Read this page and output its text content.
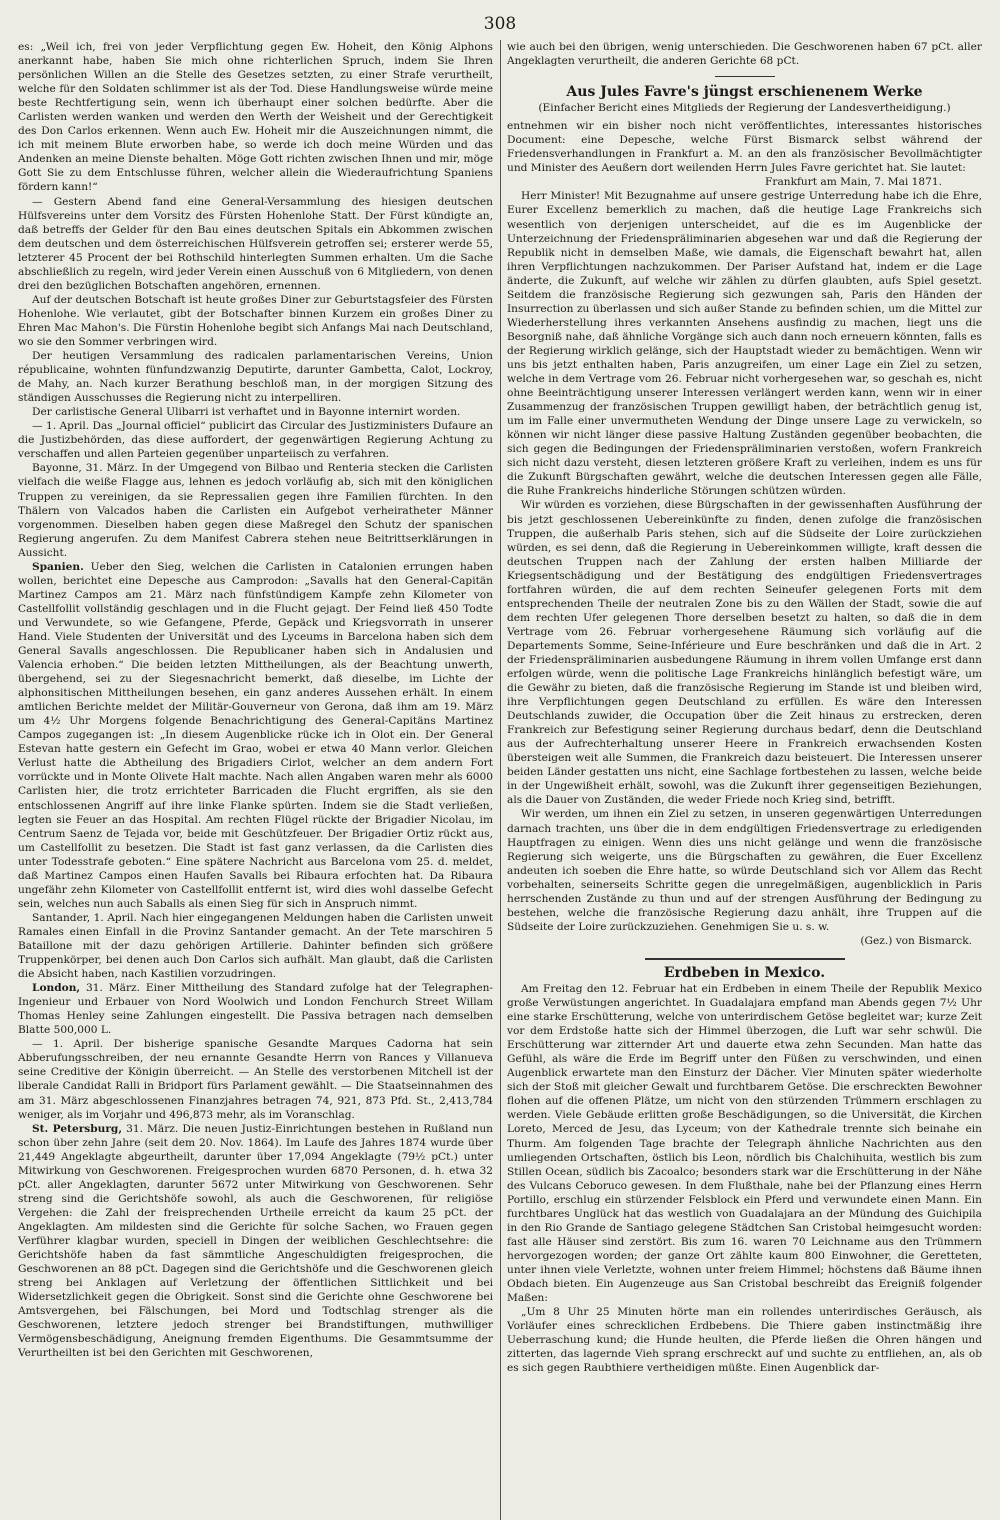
308

es: „Weil ich, frei von jeder Verpflichtung gegen Ew. Hoheit, den König Alphons anerkannt habe, haben Sie mich ohne richterlichen Spruch, indem Sie Ihren persönlichen Willen an die Stelle des Gesetzes setzten, zu einer Strafe verurtheilt, welche für den Soldaten schlimmer ist als der Tod. Diese Handlungsweise würde meine beste Rechtfertigung sein, wenn ich überhaupt einer solchen bedürfte. Aber die Carlisten werden wanken und werden den Werth der Weisheit und der Gerechtigkeit des Don Carlos erkennen. Wenn auch Ew. Hoheit mir die Auszeichnungen nimmt, die ich mit meinem Blute erworben habe, so werde ich doch meine Würden und das Andenken an meine Dienste behalten. Möge Gott richten zwischen Ihnen und mir, möge Gott Sie zu dem Entschlusse führen, welcher allein die Wiederaufrichtung Spaniens fördern kann!“

— Gestern Abend fand eine General-Versammlung des hiesigen deutschen Hülfsvereins unter dem Vorsitz des Fürsten Hohenlohe Statt. Der Fürst kündigte an, daß betreffs der Gelder für den Bau eines deutschen Spitals ein Abkommen zwischen dem deutschen und dem österreichischen Hülfsverein getroffen sei; ersterer werde 55, letzterer 45 Procent der bei Rothschild hinterlegten Summen erhalten. Um die Sache abschließlich zu regeln, wird jeder Verein einen Ausschuß von 6 Mitgliedern, von denen drei den bezüglichen Botschaften angehören, ernennen.

Auf der deutschen Botschaft ist heute großes Diner zur Geburtstagsfeier des Fürsten Hohenlohe. Wie verlautet, gibt der Botschafter binnen Kurzem ein großes Diner zu Ehren Mac Mahon's. Die Fürstin Hohenlohe begibt sich Anfangs Mai nach Deutschland, wo sie den Sommer verbringen wird.

Der heutigen Versammlung des radicalen parlamentarischen Vereins, Union républicaine, wohnten fünfundzwanzig Deputirte, darunter Gambetta, Calot, Lockroy, de Mahy, an. Nach kurzer Berathung beschloß man, in der morgigen Sitzung des ständigen Ausschusses die Regierung nicht zu interpelliren.

Der carlistische General Ulibarri ist verhaftet und in Bayonne internirt worden.

— 1. April. Das „Journal officiel“ publicirt das Circular des Justizministers Dufaure an die Justizbehörden, das diese auffordert, der gegenwärtigen Regierung Achtung zu verschaffen und allen Parteien gegenüber unparteiisch zu verfahren.

Bayonne, 31. März. In der Umgegend von Bilbao und Renteria stecken die Carlisten vielfach die weiße Flagge aus, lehnen es jedoch vorläufig ab, sich mit den königlichen Truppen zu vereinigen, da sie Repressalien gegen ihre Familien fürchten. In den Thälern von Valcados haben die Carlisten ein Aufgebot verheiratheter Männer vorgenommen. Dieselben haben gegen diese Maßregel den Schutz der spanischen Regierung angerufen. Zu dem Manifest Cabrera stehen neue Beitrittserklärungen in Aussicht.

Spanien. Ueber den Sieg, welchen die Carlisten in Catalonien errungen haben wollen, berichtet eine Depesche aus Camprodon: „Savalls hat den General-Capitän Martinez Campos am 21. März nach fünfstündigem Kampfe zehn Kilometer von Castellfollit vollständig geschlagen und in die Flucht gejagt. Der Feind ließ 450 Todte und Verwundete, so wie Gefangene, Pferde, Gepäck und Kriegsvorrath in unserer Hand. Viele Studenten der Universität und des Lyceums in Barcelona haben sich dem General Savalls angeschlossen. Die Republicaner haben sich in Andalusien und Valencia erhoben.“ Die beiden letzten Mittheilungen, als der Beachtung unwerth, übergehend, sei zu der Siegesnachricht bemerkt, daß dieselbe, im Lichte der alphonsitischen Mittheilungen besehen, ein ganz anderes Aussehen erhält. In einem amtlichen Berichte meldet der Militär-Gouverneur von Gerona, daß ihm am 19. März um 4½ Uhr Morgens folgende Benachrichtigung des General-Capitäns Martinez Campos zugegangen ist: „In diesem Augenblicke rücke ich in Olot ein. Der General Estevan hatte gestern ein Gefecht im Grao, wobei er etwa 40 Mann verlor. Gleichen Verlust hatte die Abtheilung des Brigadiers Cirlot, welcher an dem andern Fort vorrückte und in Monte Olivete Halt machte. Nach allen Angaben waren mehr als 6000 Carlisten hier, die trotz errichteter Barricaden die Flucht ergriffen, als sie den entschlossenen Angriff auf ihre linke Flanke spürten. Indem sie die Stadt verließen, legten sie Feuer an das Hospital. Am rechten Flügel rückte der Brigadier Nicolau, im Centrum Saenz de Tejada vor, beide mit Geschützfeuer. Der Brigadier Ortiz rückt aus, um Castellfollit zu besetzen. Die Stadt ist fast ganz verlassen, da die Carlisten dies unter Todesstrafe geboten.“ Eine spätere Nachricht aus Barcelona vom 25. d. meldet, daß Martinez Campos einen Haufen Savalls bei Ribaura erfochten hat. Da Ribaura ungefähr zehn Kilometer von Castellfollit entfernt ist, wird dies wohl dasselbe Gefecht sein, welches nun auch Saballs als einen Sieg für sich in Anspruch nimmt.

Santander, 1. April. Nach hier eingegangenen Meldungen haben die Carlisten unweit Ramales einen Einfall in die Provinz Santander gemacht. An der Tete marschiren 5 Bataillone mit der dazu gehörigen Artillerie. Dahinter befinden sich größere Truppenkörper, bei denen auch Don Carlos sich aufhält. Man glaubt, daß die Carlisten die Absicht haben, nach Kastilien vorzudringen.

London, 31. März. Einer Mittheilung des Standard zufolge hat der Telegraphen-Ingenieur und Erbauer von Nord Woolwich und London Fenchurch Street Willam Thomas Henley seine Zahlungen eingestellt. Die Passiva betragen nach demselben Blatte 500,000 L.

— 1. April. Der bisherige spanische Gesandte Marques Cadorna hat sein Abberufungsschreiben, der neu ernannte Gesandte Herrn von Rances y Villanueva seine Creditive der Königin überreicht. — An Stelle des verstorbenen Mitchell ist der liberale Candidat Ralli in Bridport fürs Parlament gewählt. — Die Staatseinnahmen des am 31. März abgeschlossenen Finanzjahres betragen 74, 921, 873 Pfd. St., 2,413,784 weniger, als im Vorjahr und 496,873 mehr, als im Voranschlag.

St. Petersburg, 31. März. Die neuen Justiz-Einrichtungen bestehen in Rußland nun schon über zehn Jahre (seit dem 20. Nov. 1864). Im Laufe des Jahres 1874 wurde über 21,449 Angeklagte abgeurtheilt, darunter über 17,094 Angeklagte (79½ pCt.) unter Mitwirkung von Geschworenen. Freigesprochen wurden 6870 Personen, d. h. etwa 32 pCt. aller Angeklagten, darunter 5672 unter Mitwirkung von Geschworenen. Sehr streng sind die Gerichtshöfe sowohl, als auch die Geschworenen, für religiöse Vergehen: die Zahl der freisprechenden Urtheile erreicht da kaum 25 pCt. der Angeklagten. Am mildesten sind die Gerichte für solche Sachen, wo Frauen gegen Verführer klagbar wurden, speciell in Dingen der weiblichen Geschlechtsehre: die Gerichtshöfe haben da fast sämmtliche Angeschuldigten freigesprochen, die Geschworenen an 88 pCt. Dagegen sind die Gerichtshöfe und die Geschworenen gleich streng bei Anklagen auf Verletzung der öffentlichen Sittlichkeit und bei Widersetzlichkeit gegen die Obrigkeit. Sonst sind die Gerichte ohne Geschworene bei Amtsvergehen, bei Fälschungen, bei Mord und Todtschlag strenger als die Geschworenen, letztere jedoch strenger bei Brandstiftungen, muthwilliger Vermögensbeschädigung, Aneignung fremden Eigenthums. Die Gesammtsumme der Verurtheilten ist bei den Gerichten mit Geschworenen,

wie auch bei den übrigen, wenig unterschieden. Die Geschworenen haben 67 pCt. aller Angeklagten verurtheilt, die anderen Gerichte 68 pCt.

Aus Jules Favre's jüngst erschienenem Werke
(Einfacher Bericht eines Mitglieds der Regierung der Landesvertheidigung.)

entnehmen wir ein bisher noch nicht veröffentlichtes, interessantes historisches Document: eine Depesche, welche Fürst Bismarck selbst während der Friedensverhandlungen in Frankfurt a. M. an den als französischer Bevollmächtigter und Minister des Aeußern dort weilenden Herrn Jules Favre gerichtet hat. Sie lautet:

Frankfurt am Main, 7. Mai 1871.

Herr Minister! Mit Bezugnahme auf unsere gestrige Unterredung habe ich die Ehre, Eurer Excellenz bemerklich zu machen, daß die heutige Lage Frankreichs sich wesentlich von derjenigen unterscheidet, auf die es im Augenblicke der Unterzeichnung der Friedenspräliminarien abgesehen war und daß die Regierung der Republik nicht in demselben Maße, wie damals, die Eigenschaft bewahrt hat, allen ihren Verpflichtungen nachzukommen. Der Pariser Aufstand hat, indem er die Lage änderte, die Zukunft, auf welche wir zählen zu dürfen glaubten, aufs Spiel gesetzt. Seitdem die französische Regierung sich gezwungen sah, Paris den Händen der Insurrection zu überlassen und sich außer Stande zu befinden schien, um die Mittel zur Wiederherstellung ihres verkannten Ansehens ausfindig zu machen, liegt uns die Besorgniß nahe, daß ähnliche Vorgänge sich auch dann noch erneuern könnten, falls es der Regierung wirklich gelänge, sich der Hauptstadt wieder zu bemächtigen. Wenn wir uns bis jetzt enthalten haben, Paris anzugreifen, um einer Lage ein Ziel zu setzen, welche in dem Vertrage vom 26. Februar nicht vorhergesehen war, so geschah es, nicht ohne Beeinträchtigung unserer Interessen verlängert werden kann, wenn wir in einer Zusammenzug der französischen Truppen gewilligt haben, der beträchtlich genug ist, um im Falle einer unvermutheten Wendung der Dinge unsere Lage zu verwickeln, so können wir nicht länger diese passive Haltung Zuständen gegenüber beobachten, die sich gegen die Bedingungen der Friedenspräliminarien verstoßen, wofern Frankreich sich nicht dazu versteht, diesen letzteren größere Kraft zu verleihen, indem es uns für die Zukunft Bürgschaften gewährt, welche die deutschen Interessen gegen alle Fälle, die Ruhe Frankreichs hinderliche Störungen schützen würden.

Wir würden es vorziehen, diese Bürgschaften in der gewissenhaften Ausführung der bis jetzt geschlossenen Uebereinkünfte zu finden, denen zufolge die französischen Truppen, die außerhalb Paris stehen, sich auf die Südseite der Loire zurückziehen würden, es sei denn, daß die Regierung in Uebereinkommen willigte, kraft dessen die deutschen Truppen nach der Zahlung der ersten halben Milliarde der Kriegsentschädigung und der Bestätigung des endgültigen Friedensvertrages fortfahren würden, die auf dem rechten Seineufer gelegenen Forts mit dem entsprechenden Theile der neutralen Zone bis zu den Wällen der Stadt, sowie die auf dem rechten Ufer gelegenen Thore derselben besetzt zu halten, so daß die in dem Vertrage vom 26. Februar vorhergesehene Räumung sich vorläufig auf die Departements Somme, Seine-Inférieure und Eure beschränken und daß die in Art. 2 der Friedenspräliminarien ausbedungene Räumung in ihrem vollen Umfange erst dann erfolgen würde, wenn die politische Lage Frankreichs hinlänglich befestigt wäre, um die Gewähr zu bieten, daß die französische Regierung im Stande ist und bleiben wird, ihre Verpflichtungen gegen Deutschland zu erfüllen. Es wäre den Interessen Deutschlands zuwider, die Occupation über die Zeit hinaus zu erstrecken, deren Frankreich zur Befestigung seiner Regierung durchaus bedarf, denn die Deutschland aus der Aufrechterhaltung unserer Heere in Frankreich erwachsenden Kosten übersteigen weit alle Summen, die Frankreich dazu beisteuert. Die Interessen unserer beiden Länder gestatten uns nicht, eine Sachlage fortbestehen zu lassen, welche beide in der Ungewißheit erhält, sowohl, was die Zukunft ihrer gegenseitigen Beziehungen, als die Dauer von Zuständen, die weder Friede noch Krieg sind, betrifft.

Wir werden, um ihnen ein Ziel zu setzen, in unseren gegenwärtigen Unterredungen darnach trachten, uns über die in dem endgültigen Friedensvertrage zu erledigenden Hauptfragen zu einigen. Wenn dies uns nicht gelänge und wenn die französische Regierung sich weigerte, uns die Bürgschaften zu gewähren, die Euer Excellenz andeuten ich soeben die Ehre hatte, so würde Deutschland sich vor Allem das Recht vorbehalten, seinerseits Schritte gegen die unregelmäßigen, augenblicklich in Paris herrschenden Zustände zu thun und auf der strengen Ausführung der Bedingung zu bestehen, welche die französische Regierung dazu anhält, ihre Truppen auf die Südseite der Loire zurückzuziehen. Genehmigen Sie u. s. w.

(Gez.) von Bismarck.
Erdbeben in Mexico.

Am Freitag den 12. Februar hat ein Erdbeben in einem Theile der Republik Mexico große Verwüstungen angerichtet. In Guadalajara empfand man Abends gegen 7½ Uhr eine starke Erschütterung, welche von unterirdischem Getöse begleitet war; kurze Zeit vor dem Erdstoße hatte sich der Himmel überzogen, die Luft war sehr schwül. Die Erschütterung war zitternder Art und dauerte etwa zehn Secunden. Man hatte das Gefühl, als wäre die Erde im Begriff unter den Füßen zu verschwinden, und einen Augenblick erwartete man den Einsturz der Dächer. Vier Minuten später wiederholte sich der Stoß mit gleicher Gewalt und furchtbarem Getöse. Die erschreckten Bewohner flohen auf die offenen Plätze, um nicht von den stürzenden Trümmern erschlagen zu werden. Viele Gebäude erlitten große Beschädigungen, so die Universität, die Kirchen Loreto, Merced de Jesu, das Lyceum; von der Kathedrale trennte sich beinahe ein Thurm. Am folgenden Tage brachte der Telegraph ähnliche Nachrichten aus den umliegenden Ortschaften, östlich bis Leon, nördlich bis Chalchihuita, westlich bis zum Stillen Ocean, südlich bis Zacoalco; besonders stark war die Erschütterung in der Nähe des Vulcans Ceboruco gewesen. In dem Flußthale, nahe bei der Pflanzung eines Herrn Portillo, erschlug ein stürzender Felsblock ein Pferd und verwundete einen Mann. Ein furchtbares Unglück hat das westlich von Guadalajara an der Mündung des Guichipila in den Rio Grande de Santiago gelegene Städtchen San Cristobal heimgesucht worden: fast alle Häuser sind zerstört. Bis zum 16. waren 70 Leichname aus den Trümmern hervorgezogen worden; der ganze Ort zählte kaum 800 Einwohner, die Geretteten, unter ihnen viele Verletzte, wohnen unter freiem Himmel; höchstens daß Bäume ihnen Obdach bieten. Ein Augenzeuge aus San Cristobal beschreibt das Ereigniß folgender Maßen:

„Um 8 Uhr 25 Minuten hörte man ein rollendes unterirdisches Geräusch, als Vorläufer eines schrecklichen Erdbebens. Die Thiere gaben instinctmäßig ihre Ueberraschung kund; die Hunde heulten, die Pferde ließen die Ohren hängen und zitterten, das lagernde Vieh sprang erschreckt auf und suchte zu entfliehen, an, als ob es sich gegen Raubthiere vertheidigen müßte. Einen Augenblick dar-
